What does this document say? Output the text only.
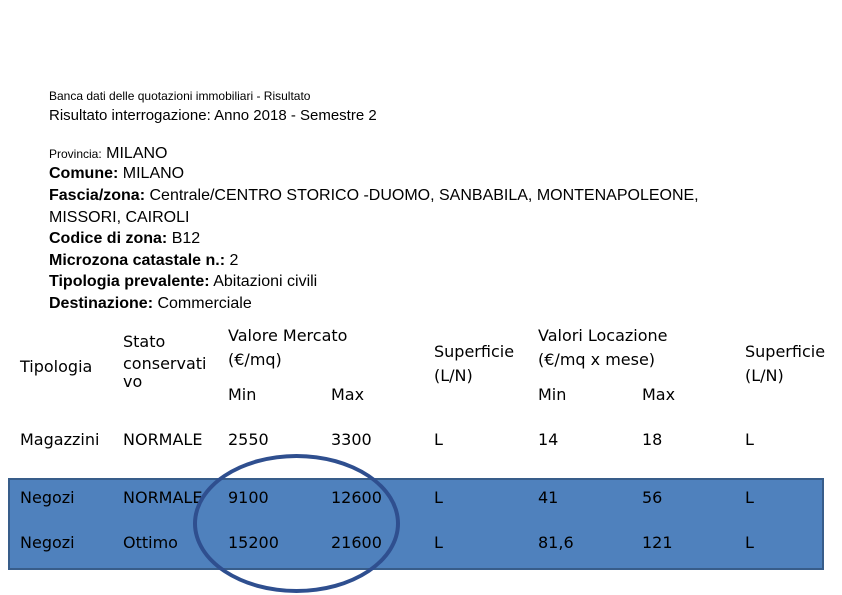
Banca dati delle quotazioni immobiliari - Risultato
Risultato interrogazione: Anno 2018 - Semestre 2
Provincia: MILANO
Comune: MILANO
Fascia/zona: Centrale/CENTRO STORICO -DUOMO, SANBABILA, MONTENAPOLEONE,
MISSORI, CAIROLI
Codice di zona: B12
Microzona catastale n.: 2
Tipologia prevalente: Abitazioni civili
Destinazione: Commerciale
Tipologia
Stato
conservati
vo
Valore Mercato
(€/mq)
Min	Max
Superficie
(L/N)
Valori Locazione
(€/mq x mese)
Min	Max
Superficie
(L/N)
Magazzini NORMALE 2550	3300	L	14	18	L
Negozi	NORMALE 9100	12600	L	41	56	L
Negozi	Ottimo	15200	21600	L	81,6	121	L
